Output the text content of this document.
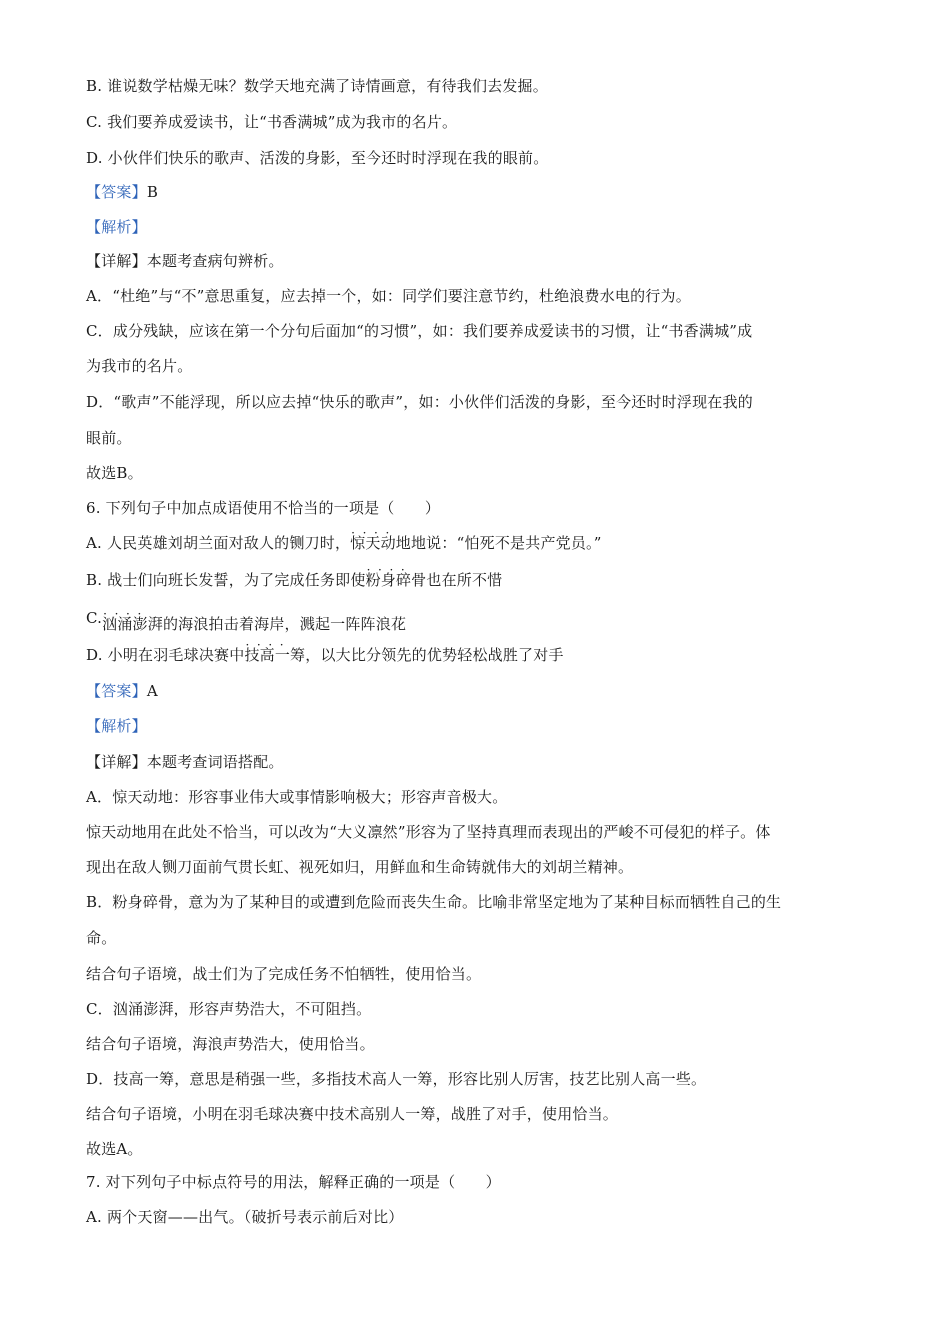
B. 谁说数学枯燥无味？数学天地充满了诗情画意，有待我们去发掘。
C. 我们要养成爱读书，让“书香满城”成为我市的名片。
D. 小伙伴们快乐的歌声、活泼的身影，至今还时时浮现在我的眼前。
【答案】B
【解析】
【详解】本题考查病句辨析。
A．“杜绝”与“不”意思重复，应去掉一个，如：同学们要注意节约，杜绝浪费水电的行为。
C．成分残缺，应该在第一个分句后面加“的习惯”，如：我们要养成爱读书的习惯，让“书香满城”成
为我市的名片。
D．“歌声”不能浮现，所以应去掉“快乐的歌声”，如：小伙伴们活泼的身影，至今还时时浮现在我的
眼前。
故选B。
6. 下列句子中加点成语使用不恰当的一项是（　　）
A. 人民英雄刘胡兰面对敌人的铡刀时，· · 惊天动地地说：“怕死不是共产党员。”
B. 战士们向班长发誓，为了完成任务即使· · 粉身碎骨也在所不惜
C.· · 汹涌澎湃的海浪拍击着海岸，溅起一阵阵浪花
D. 小明在羽毛球决赛中· · 技高一筹，以大比分领先的优势轻松战胜了对手
【答案】A
【解析】
【详解】本题考查词语搭配。
A．惊天动地：形容事业伟大或事情影响极大；形容声音极大。
惊天动地用在此处不恰当，可以改为“大义凛然”形容为了坚持真理而表现出的严峻不可侵犯的样子。体
现出在敌人铡刀面前气贯长虹、视死如归，用鲜血和生命铸就伟大的刘胡兰精神。
B．粉身碎骨，意为为了某种目的或遭到危险而丧失生命。比喻非常坚定地为了某种目标而牺牲自己的生
命。
结合句子语境，战士们为了完成任务不怕牺牲，使用恰当。
C．汹涌澎湃，形容声势浩大，不可阻挡。
结合句子语境，海浪声势浩大，使用恰当。
D．技高一筹，意思是稍强一些，多指技术高人一筹，形容比别人厉害，技艺比别人高一些。
结合句子语境，小明在羽毛球决赛中技术高别人一筹，战胜了对手，使用恰当。
故选A。
7. 对下列句子中标点符号的用法，解释正确的一项是（　　）
A. 两个天窗——出气。（破折号表示前后对比）
